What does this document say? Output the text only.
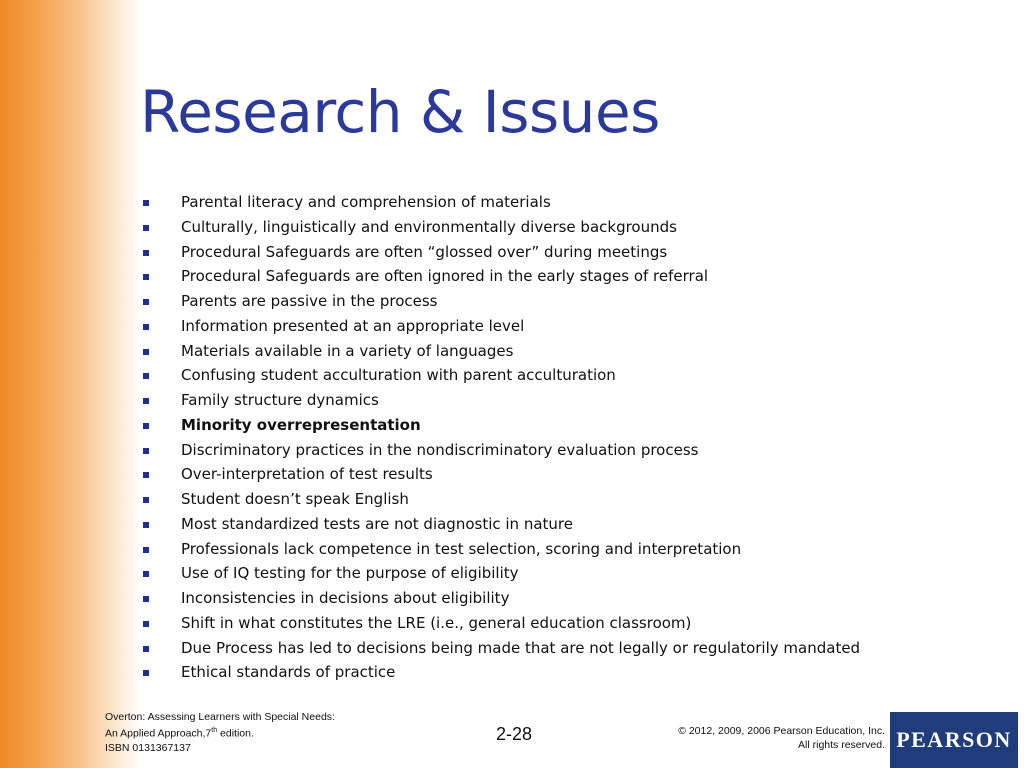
Research & Issues
Parental literacy and comprehension of materials
Culturally, linguistically and environmentally diverse backgrounds
Procedural Safeguards are often “glossed over” during meetings
Procedural Safeguards are often ignored in the early stages of referral
Parents are passive in the process
Information presented at an appropriate level
Materials available in a variety of languages
Confusing student acculturation with parent acculturation
Family structure dynamics
Minority overrepresentation
Discriminatory practices in the nondiscriminatory evaluation process
Over-interpretation of test results
Student doesn’t speak English
Most standardized tests are not diagnostic in nature
Professionals lack competence in test selection, scoring and interpretation
Use of IQ testing for the purpose of eligibility
Inconsistencies in decisions about eligibility
Shift in what constitutes the LRE (i.e., general education classroom)
Due Process has led to decisions being made that are not legally or regulatorily mandated
Ethical standards of practice
Overton: Assessing Learners with Special Needs:
An Applied Approach,7th edition.
ISBN 0131367137
2-28	© 2012, 2009, 2006 Pearson Education, Inc.
All rights reserved. PEARSON
